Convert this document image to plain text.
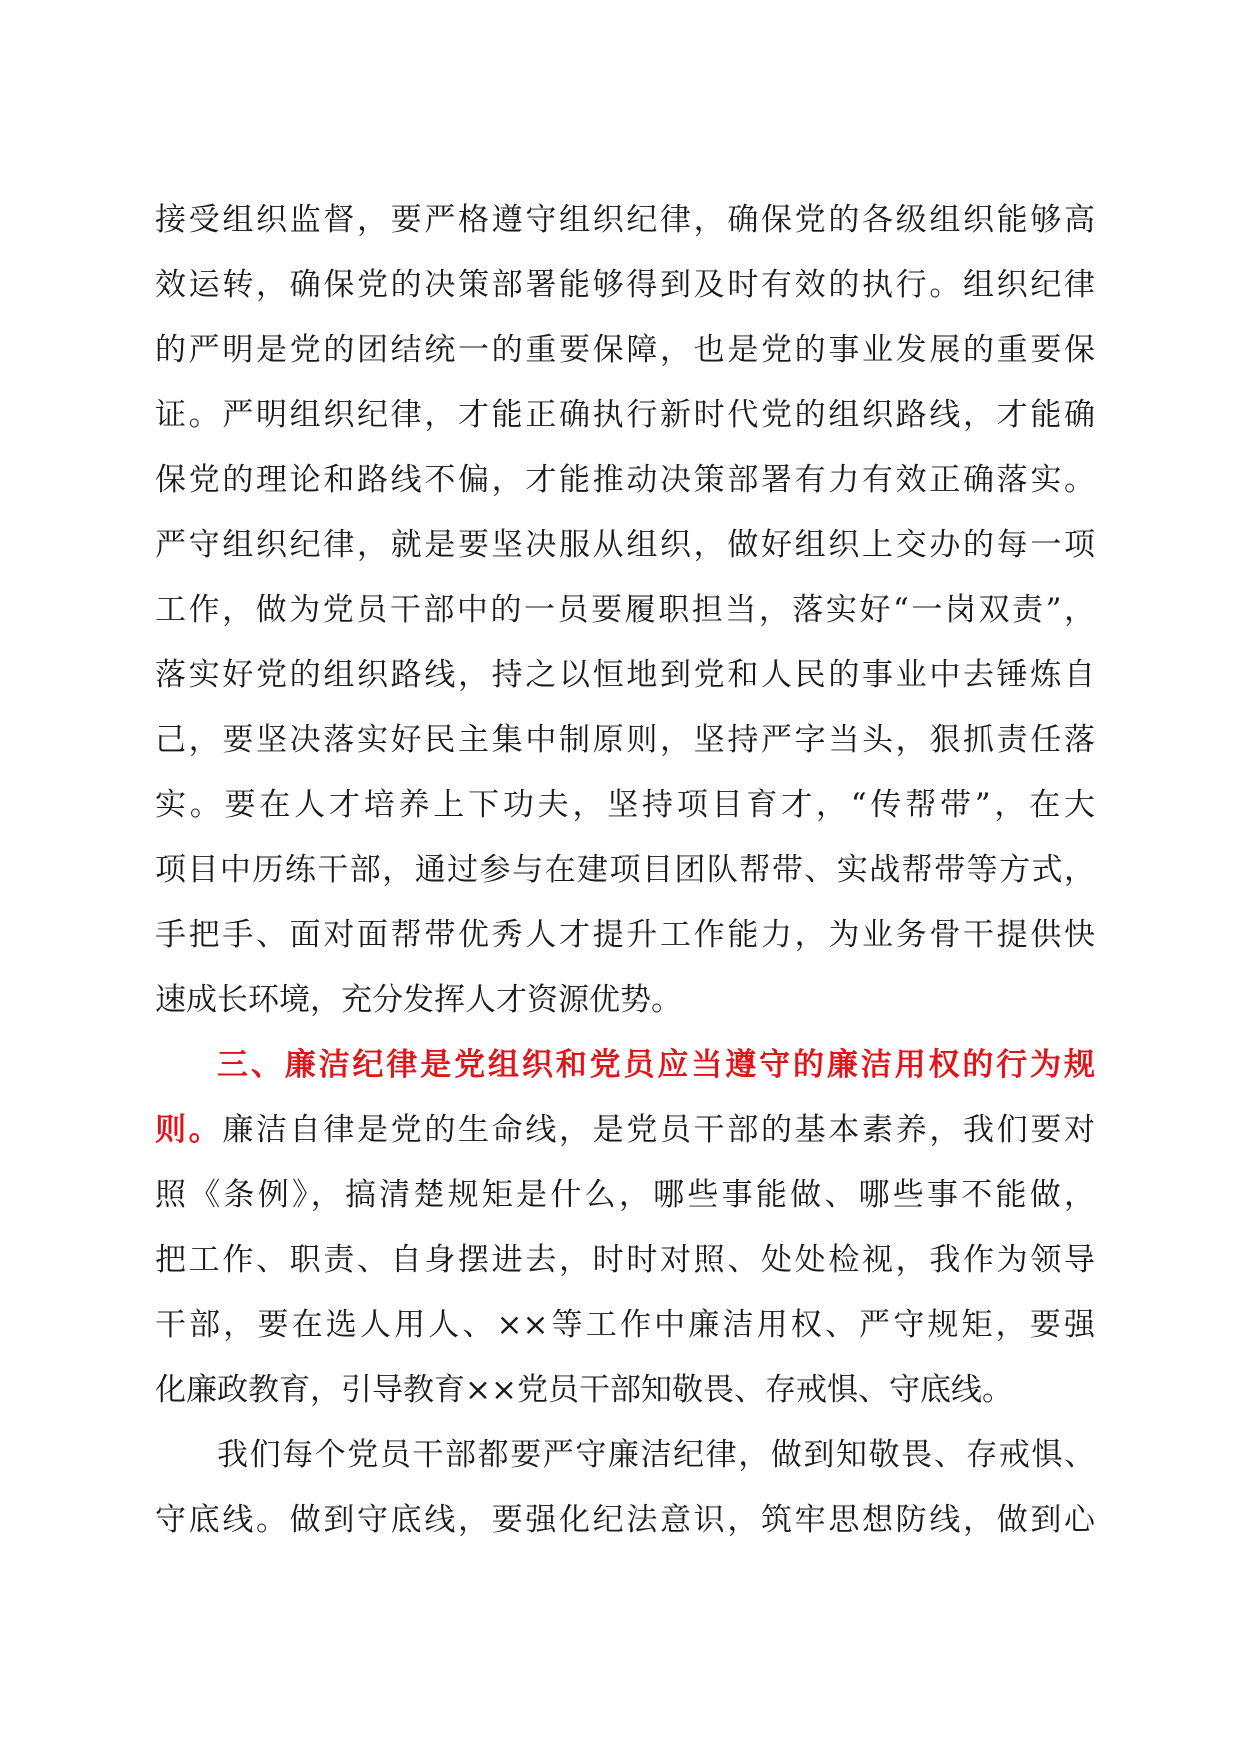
接受组织监督，要严格遵守组织纪律，确保党的各级组织能够高
效运转，确保党的决策部署能够得到及时有效的执行。组织纪律
的严明是党的团结统一的重要保障，也是党的事业发展的重要保
证。严明组织纪律，才能正确执行新时代党的组织路线，才能确
保党的理论和路线不偏，才能推动决策部署有力有效正确落实。
严守组织纪律，就是要坚决服从组织，做好组织上交办的每一项
工作，做为党员干部中的一员要履职担当，落实好“一岗双责”，
落实好党的组织路线，持之以恒地到党和人民的事业中去锤炼自
己，要坚决落实好民主集中制原则，坚持严字当头，狠抓责任落
实。要在人才培养上下功夫，坚持项目育才，“传帮带”，在大
项目中历练干部，通过参与在建项目团队帮带、实战帮带等方式，
手把手、面对面帮带优秀人才提升工作能力，为业务骨干提供快
速成长环境，充分发挥人才资源优势。
三、廉洁纪律是党组织和党员应当遵守的廉洁用权的行为规
则。廉洁自律是党的生命线，是党员干部的基本素养，我们要对
照《条例》，搞清楚规矩是什么，哪些事能做、哪些事不能做，
把工作、职责、自身摆进去，时时对照、处处检视，我作为领导
干部，要在选人用人、××等工作中廉洁用权、严守规矩，要强
化廉政教育，引导教育××党员干部知敬畏、存戒惧、守底线。
我们每个党员干部都要严守廉洁纪律，做到知敬畏、存戒惧、
守底线。做到守底线，要强化纪法意识，筑牢思想防线，做到心
